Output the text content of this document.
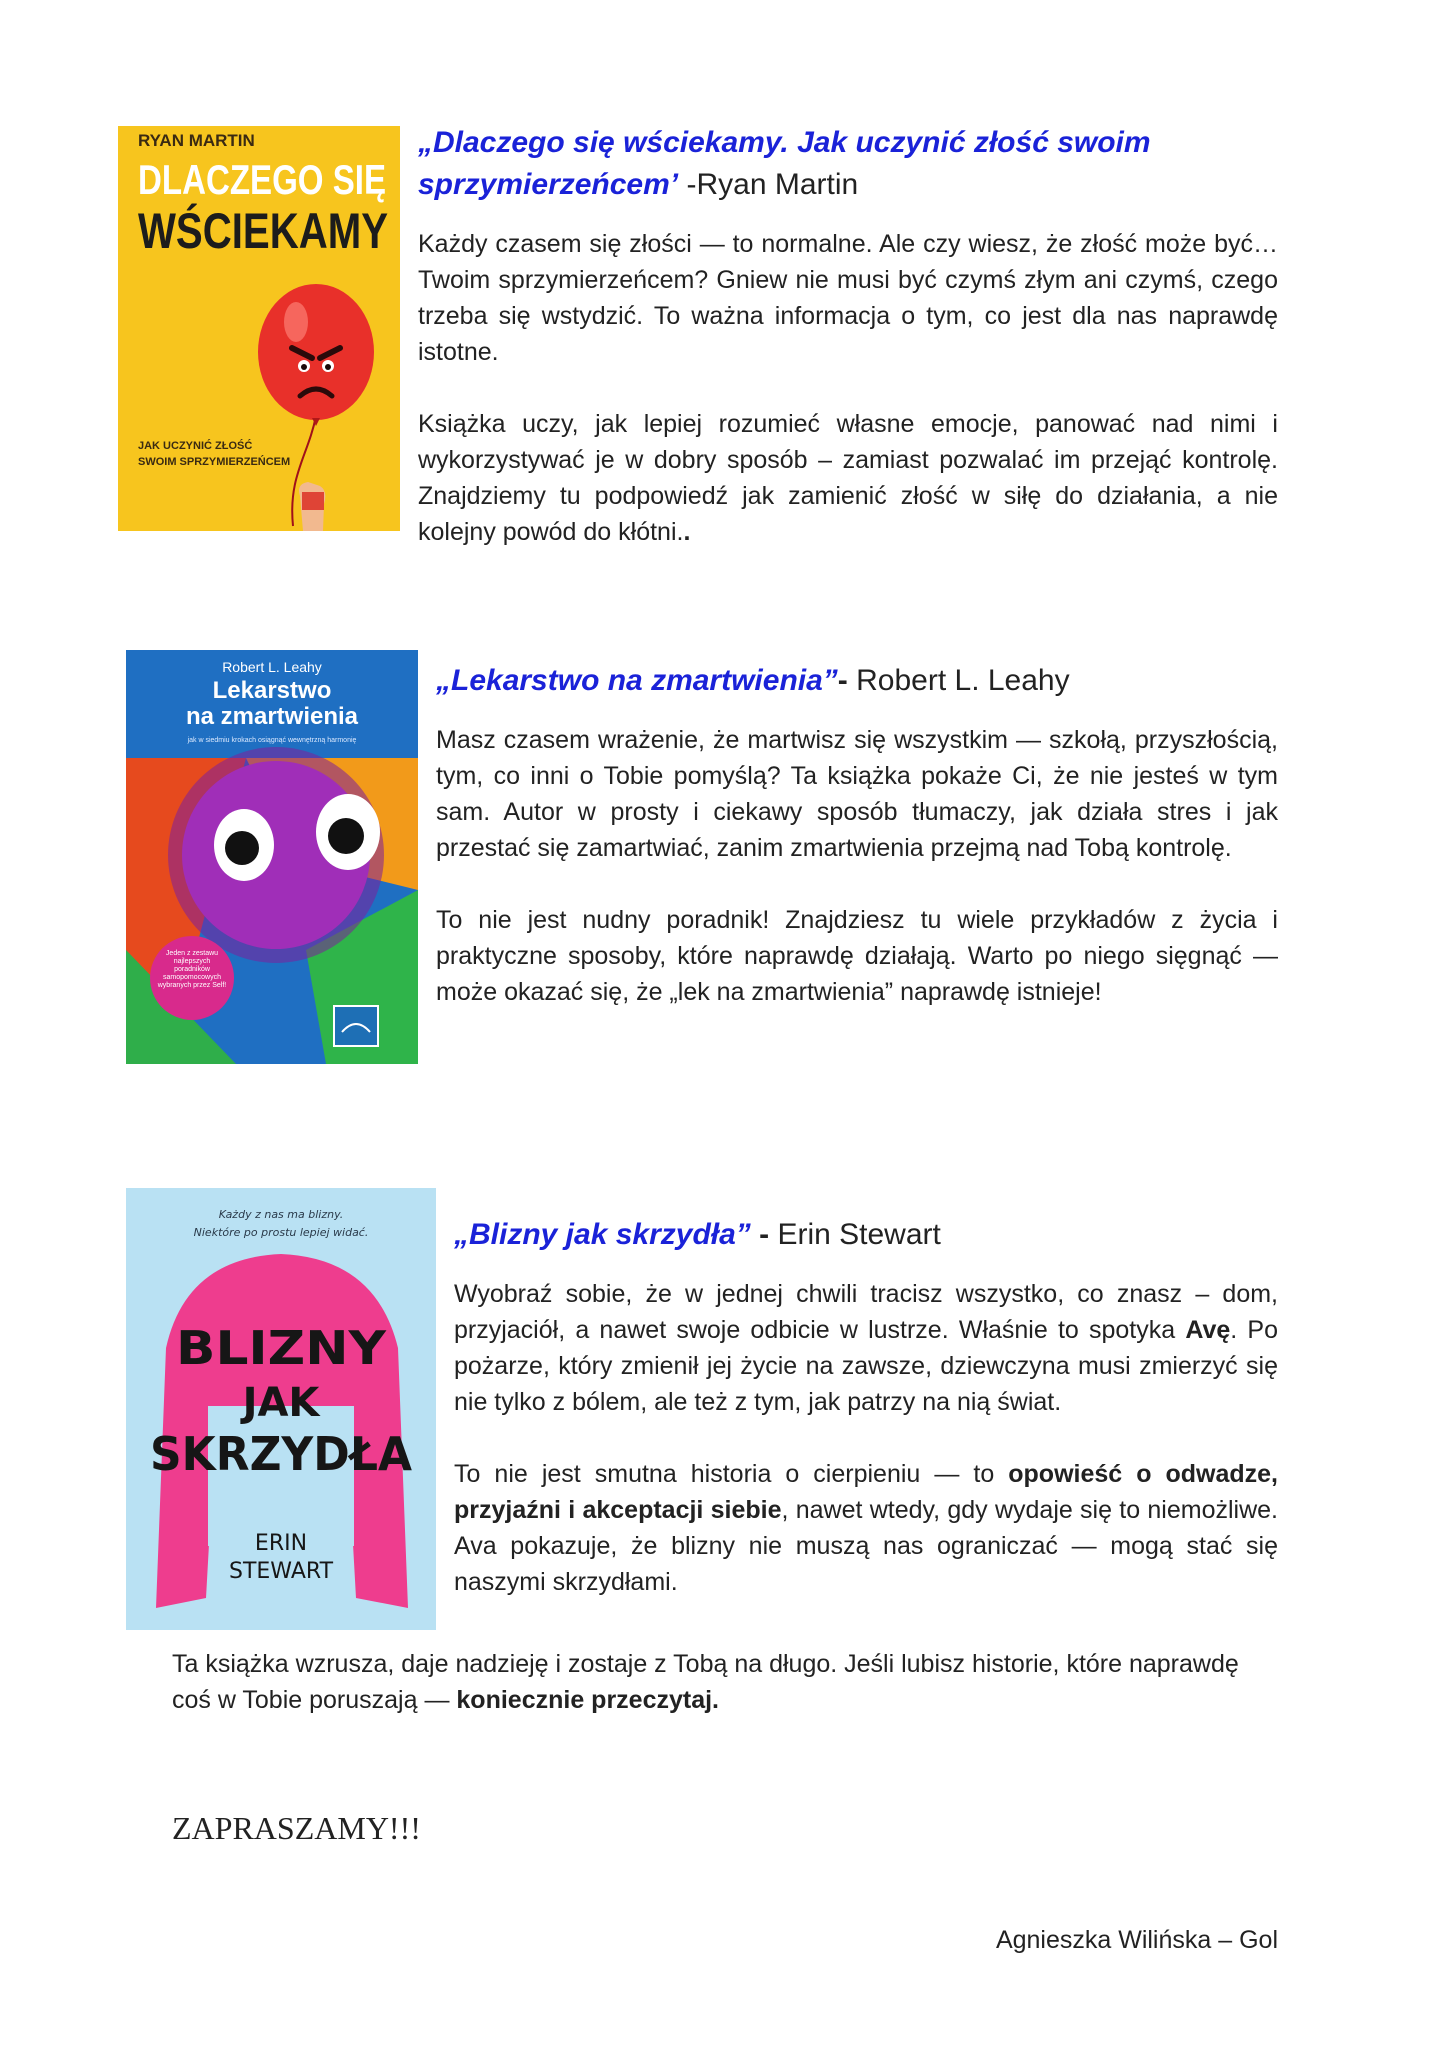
RYAN MARTIN
DLACZEGO SIĘ
WŚCIEKAMY
JAK UCZYNIĆ ZŁOŚĆ
SWOIM SPRZYMIERZEŃCEM
„Dlaczego się wściekamy. Jak uczynić złość swoim sprzymierzeńcem’ -Ryan Martin

Każdy czasem się złości — to normalne. Ale czy wiesz, że złość może być… Twoim sprzymierzeńcem? Gniew nie musi być czymś złym ani czymś, czego trzeba się wstydzić. To ważna informacja o tym, co jest dla nas naprawdę istotne.

Książka uczy, jak lepiej rozumieć własne emocje, panować nad nimi i wykorzystywać je w dobry sposób – zamiast pozwalać im przejąć kontrolę. Znajdziemy tu podpowiedź jak zamienić złość w siłę do działania, a nie kolejny powód do kłótni..

Robert L. Leahy
Lekarstwo
na zmartwienia
jak w siedmiu krokach osiągnąć wewnętrzną harmonię
Jeden z zestawu najlepszych poradników samopomocowych wybranych przez Self!
„Lekarstwo na zmartwienia”- Robert L. Leahy

Masz czasem wrażenie, że martwisz się wszystkim — szkołą, przyszłością, tym, co inni o Tobie pomyślą? Ta książka pokaże Ci, że nie jesteś w tym sam. Autor w prosty i ciekawy sposób tłumaczy, jak działa stres i jak przestać się zamartwiać, zanim zmartwienia przejmą nad Tobą kontrolę.

To nie jest nudny poradnik! Znajdziesz tu wiele przykładów z życia i praktyczne sposoby, które naprawdę działają. Warto po niego sięgnąć — może okazać się, że „lek na zmartwienia” naprawdę istnieje!

Każdy z nas ma blizny.
Niektóre po prostu lepiej widać.
BLIZNY
JAK
SKRZYDŁA
ERIN
STEWART
„Blizny jak skrzydła” - Erin Stewart

Wyobraź sobie, że w jednej chwili tracisz wszystko, co znasz – dom, przyjaciół, a nawet swoje odbicie w lustrze. Właśnie to spotyka Avę. Po pożarze, który zmienił jej życie na zawsze, dziewczyna musi zmierzyć się nie tylko z bólem, ale też z tym, jak patrzy na nią świat.

To nie jest smutna historia o cierpieniu — to opowieść o odwadze, przyjaźni i akceptacji siebie, nawet wtedy, gdy wydaje się to niemożliwe. Ava pokazuje, że blizny nie muszą nas ograniczać — mogą stać się naszymi skrzydłami.

Ta książka wzrusza, daje nadzieję i zostaje z Tobą na długo. Jeśli lubisz historie, które naprawdę coś w Tobie poruszają — koniecznie przeczytaj.
ZAPRASZAMY!!!
Agnieszka Wilińska – Gol
